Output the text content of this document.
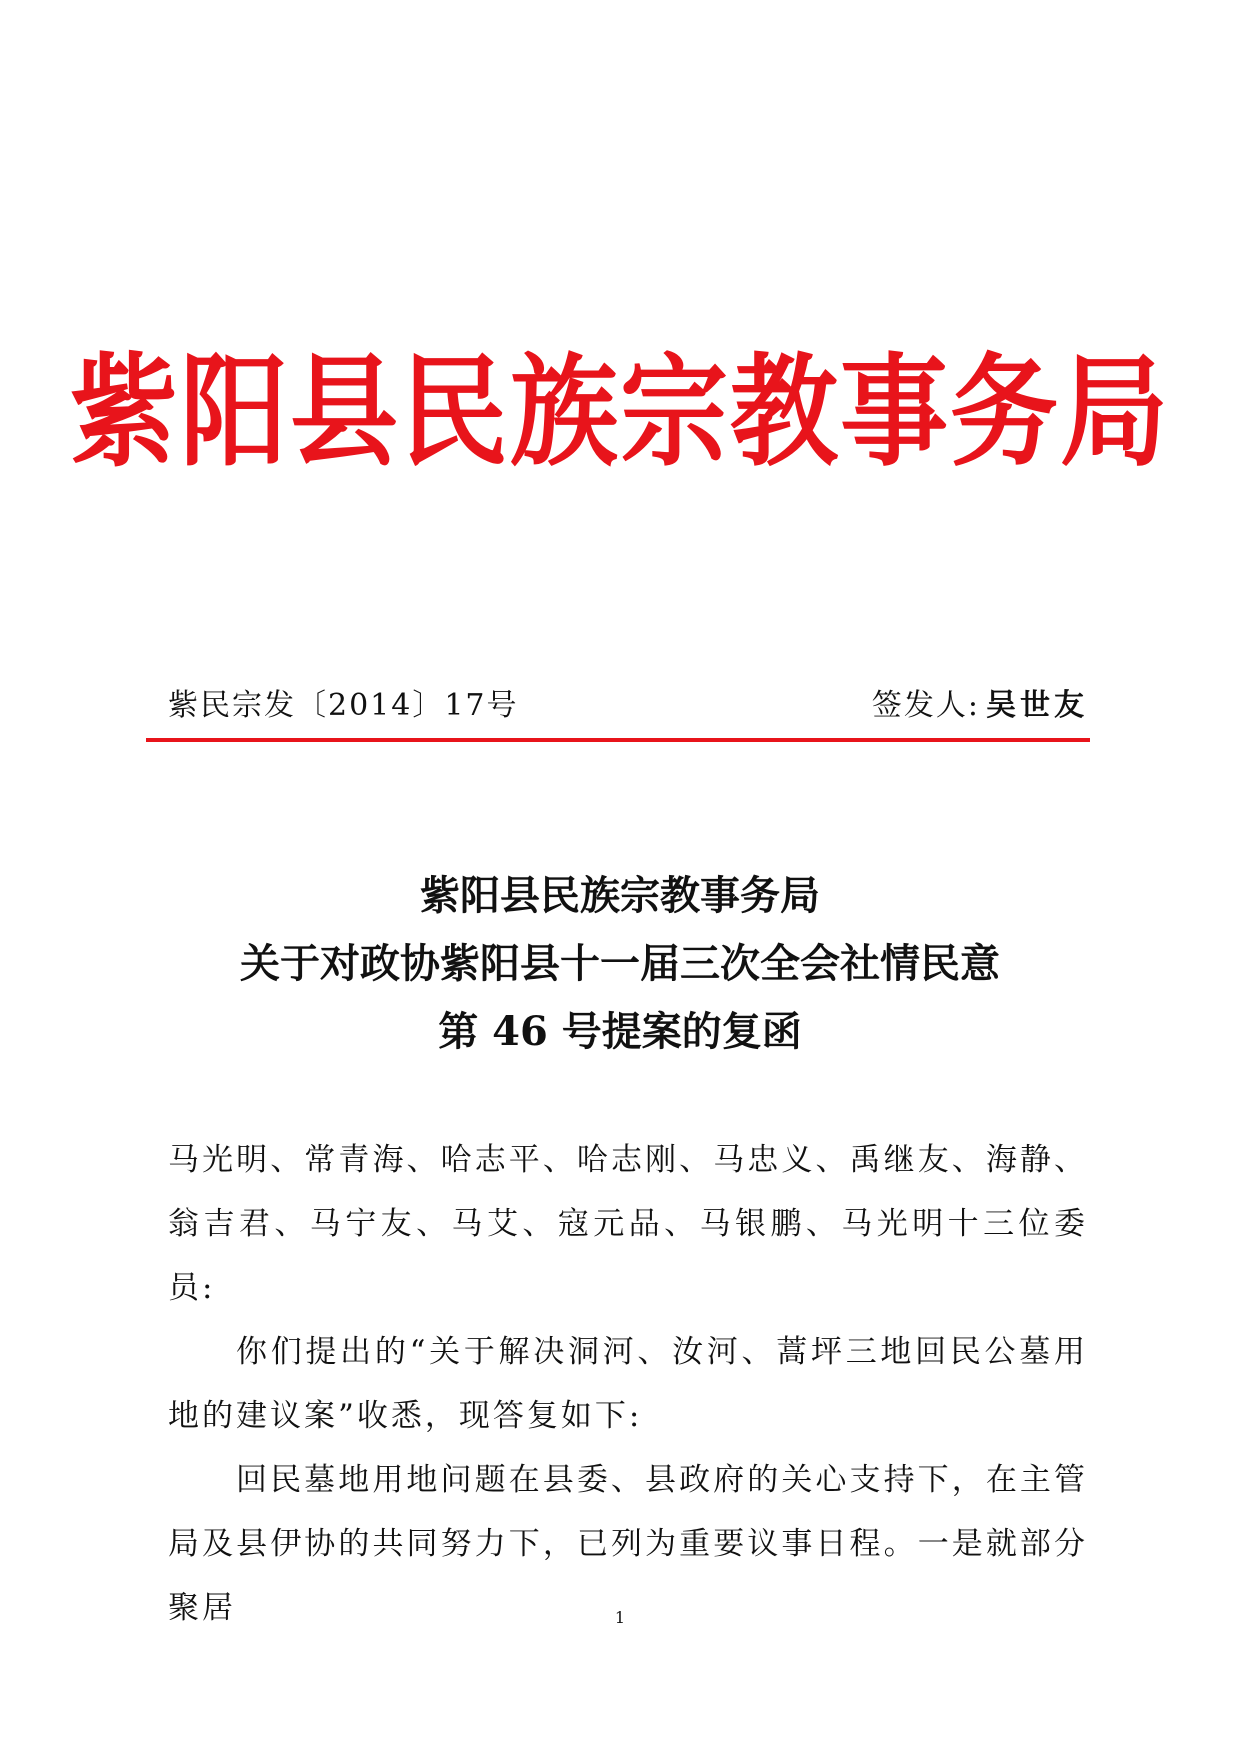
紫阳县民族宗教事务局
紫民宗发〔2014〕17号	签发人: 吴世友
紫阳县民族宗教事务局
关于对政协紫阳县十一届三次全会社情民意
第 46 号提案的复函

马光明、常青海、哈志平、哈志刚、马忠义、禹继友、海静、翁吉君、马宁友、马艾、寇元品、马银鹏、马光明十三位委员:

你们提出的“关于解决洞河、汝河、蒿坪三地回民公墓用地的建议案”收悉，现答复如下:

回民墓地用地问题在县委、县政府的关心支持下，在主管局及县伊协的共同努力下，已列为重要议事日程。一是就部分聚居	1
